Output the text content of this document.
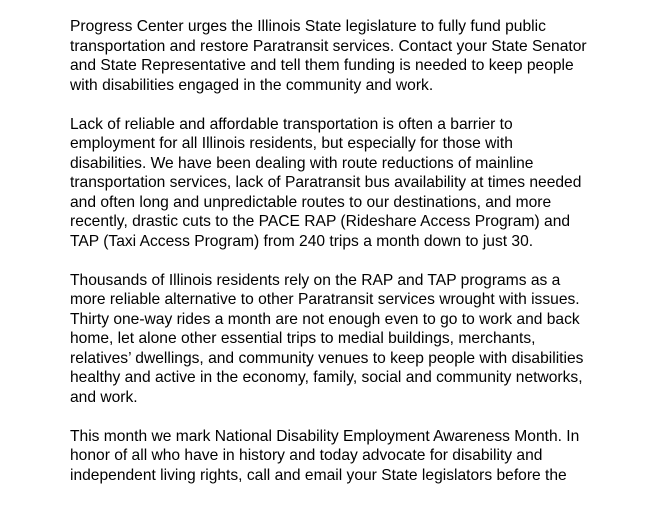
Progress Center urges the Illinois State legislature to fully fund public
transportation and restore Paratransit services. Contact your State Senator
and State Representative and tell them funding is needed to keep people
with disabilities engaged in the community and work.

Lack of reliable and affordable transportation is often a barrier to
employment for all Illinois residents, but especially for those with
disabilities. We have been dealing with route reductions of mainline
transportation services, lack of Paratransit bus availability at times needed
and often long and unpredictable routes to our destinations, and more
recently, drastic cuts to the PACE RAP (Rideshare Access Program) and
TAP (Taxi Access Program) from 240 trips a month down to just 30.

Thousands of Illinois residents rely on the RAP and TAP programs as a
more reliable alternative to other Paratransit services wrought with issues.
Thirty one-way rides a month are not enough even to go to work and back
home, let alone other essential trips to medial buildings, merchants,
relatives’ dwellings, and community venues to keep people with disabilities
healthy and active in the economy, family, social and community networks,
and work.

This month we mark National Disability Employment Awareness Month. In
honor of all who have in history and today advocate for disability and
independent living rights, call and email your State legislators before the
